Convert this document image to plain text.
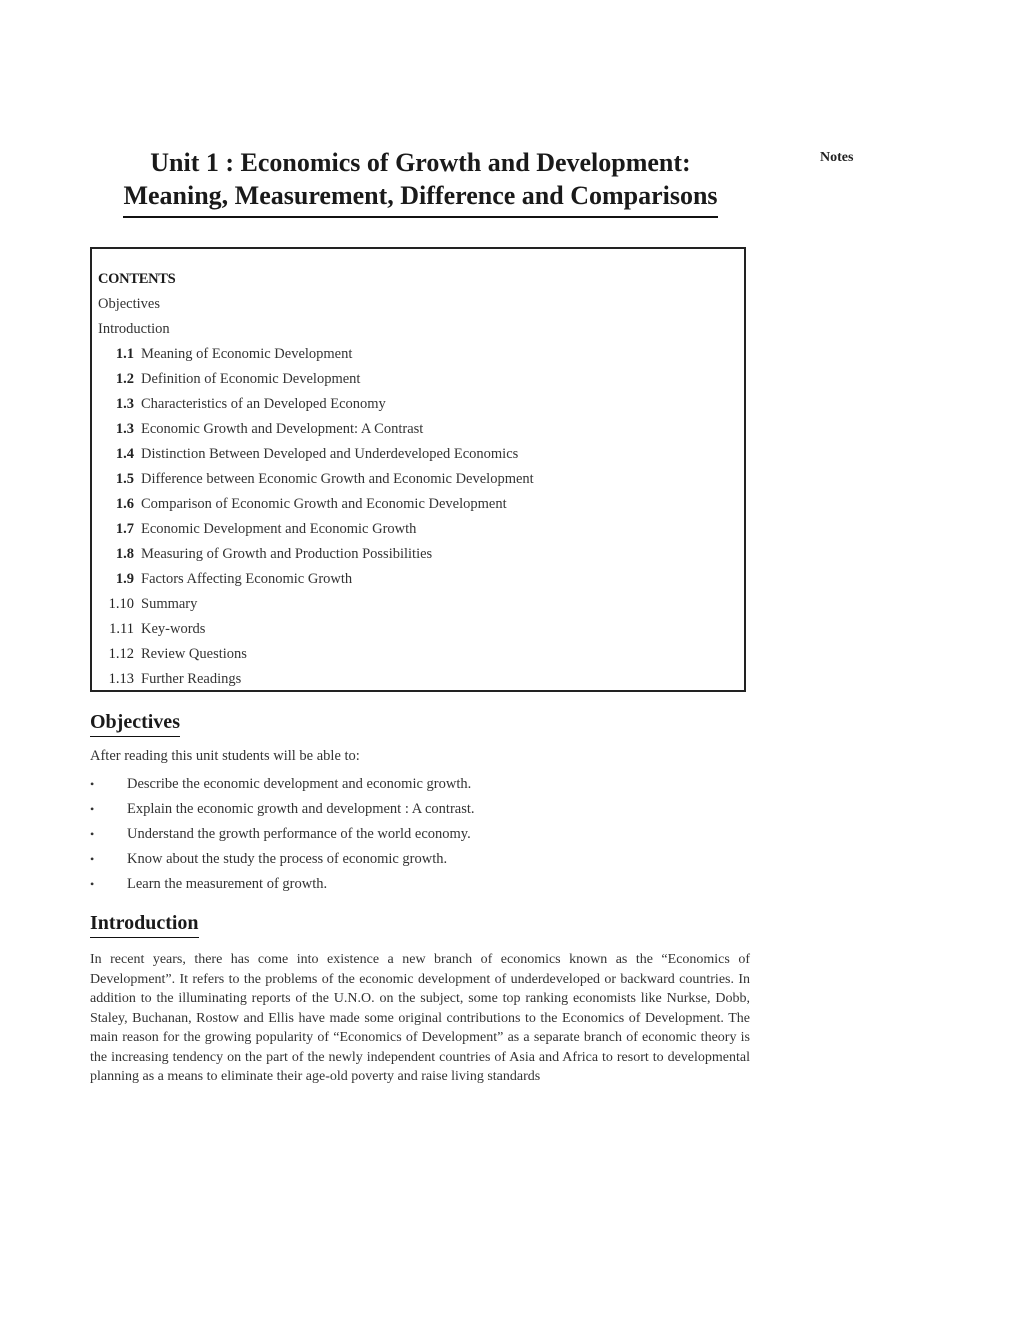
Notes
Unit 1 : Economics of Growth and Development:
Meaning, Measurement, Difference and Comparisons
CONTENTS
Objectives
Introduction
1.1 Meaning of Economic Development
1.2 Definition of Economic Development
1.3 Characteristics of an Developed Economy
1.3 Economic Growth and Development: A Contrast
1.4 Distinction Between Developed and Underdeveloped Economics
1.5 Difference between Economic Growth and Economic Development
1.6 Comparison of Economic Growth and Economic Development
1.7 Economic Development and Economic Growth
1.8 Measuring of Growth and Production Possibilities
1.9 Factors Affecting Economic Growth
1.10 Summary
1.11 Key-words
1.12 Review Questions
1.13 Further Readings
Objectives
After reading this unit students will be able to:
• Describe the economic development and economic growth.
• Explain the economic growth and development : A contrast.
• Understand the growth performance of the world economy.
• Know about the study the process of economic growth.
• Learn the measurement of growth.
Introduction

In recent years, there has come into existence a new branch of economics known as the “Economics of Development”. It refers to the problems of the economic development of underdeveloped or backward countries. In addition to the illuminating reports of the U.N.O. on the subject, some top ranking economists like Nurkse, Dobb, Staley, Buchanan, Rostow and Ellis have made some original contributions to the Economics of Development. The main reason for the growing popularity of “Economics of Development” as a separate branch of economic theory is the increasing tendency on the part of the newly independent countries of Asia and Africa to resort to developmental planning as a means to eliminate their age-old poverty and raise living standards
